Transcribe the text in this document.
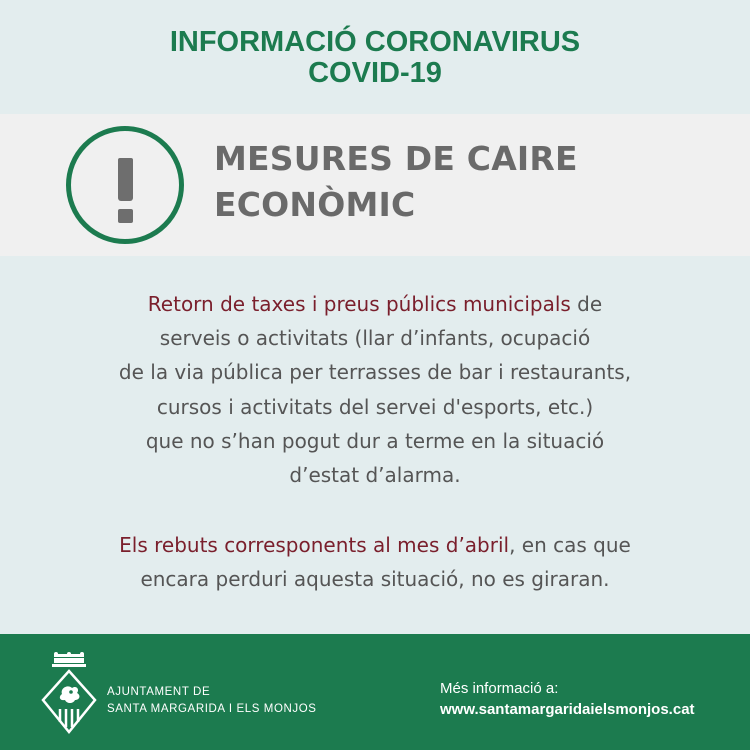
INFORMACIÓ CORONAVIRUS
COVID-19
MESURES DE CAIRE
ECONÒMIC
Retorn de taxes i preus públics municipals de
serveis o activitats (llar d’infants, ocupació
de la via pública per terrasses de bar i restaurants,
cursos i activitats del servei d'esports, etc.)
que no s’han pogut dur a terme en la situació
d’estat d’alarma.
Els rebuts corresponents al mes d’abril, en cas que
encara perduri aquesta situació, no es giraran.
AJUNTAMENT DE
SANTA MARGARIDA I ELS MONJOS
Més informació a:
www.santamargaridaielsmonjos.cat
